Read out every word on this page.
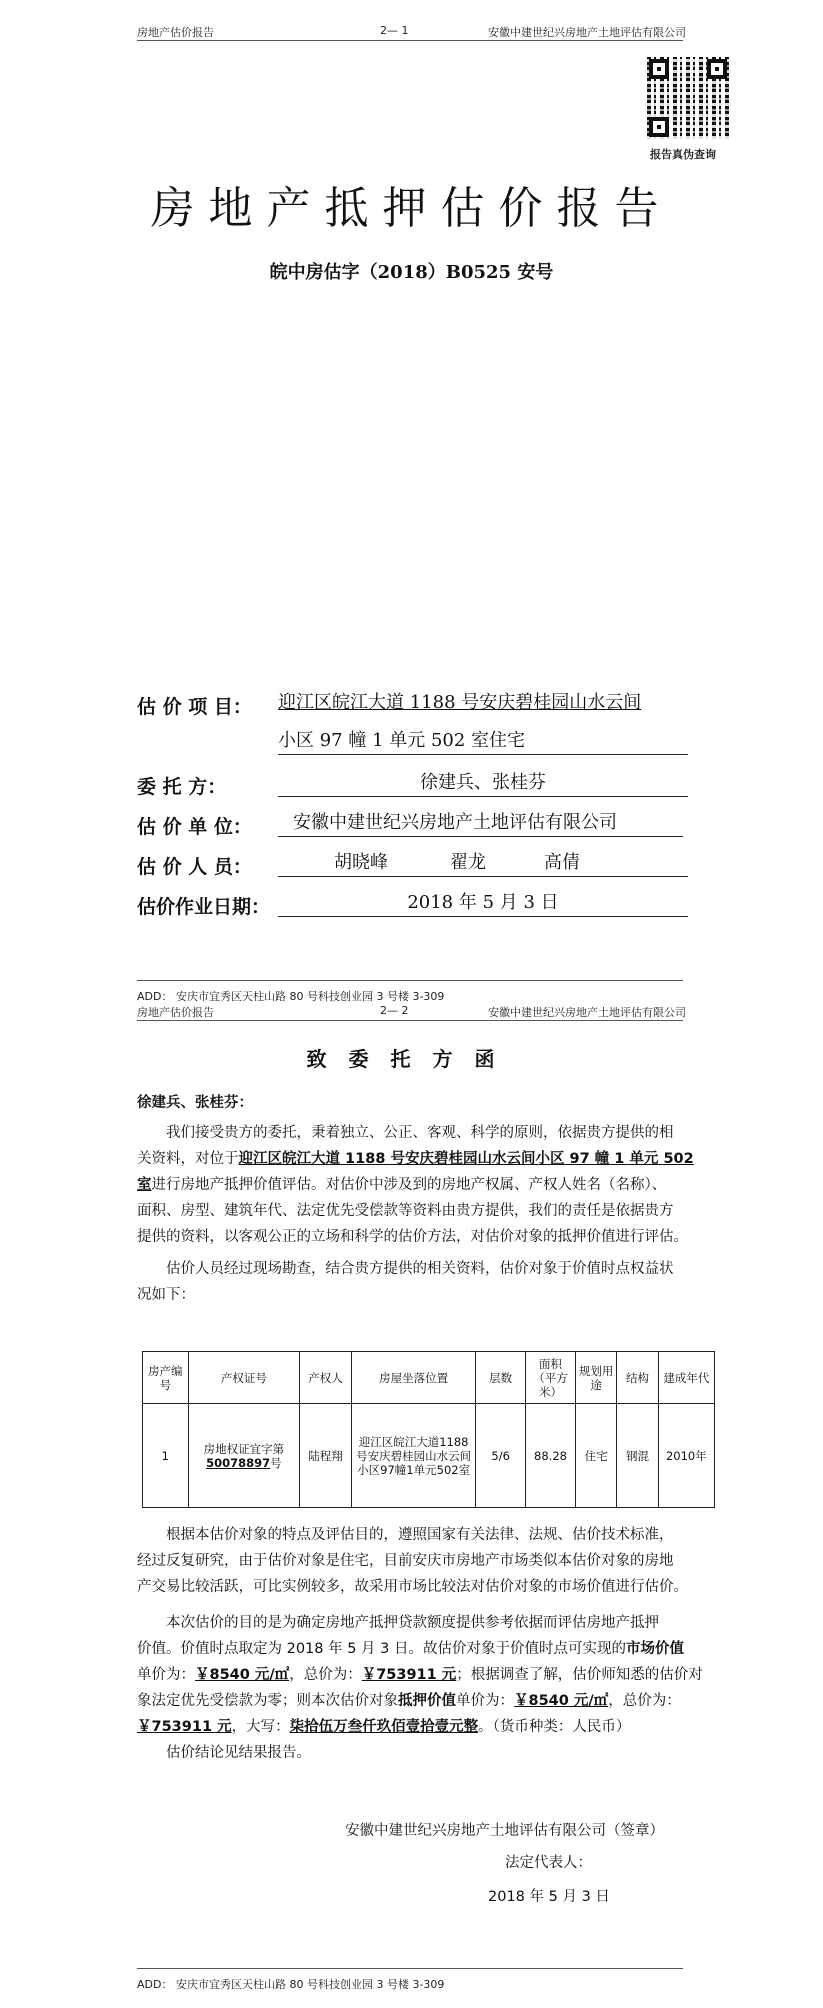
房地产估价报告	2— 1	安徽中建世纪兴房地产土地评估有限公司
报告真伪查询
房地产抵押估价报告
皖中房估字（2018）B0525 安号
估 价 项 目： 迎江区皖江大道 1188 号安庆碧桂园山水云间
小区 97 幢 1 单元 502 室住宅
委 托 方：	徐建兵、张桂芬
估 价 单 位：	安徽中建世纪兴房地产土地评估有限公司
估 价 人 员：	胡晓峰	翟龙	高倩

估价作业日期：	2018 年 5 月 3 日
ADD： 安庆市宜秀区天柱山路 80 号科技创业园 3 号楼 3-309
房地产估价报告	2— 2	安徽中建世纪兴房地产土地评估有限公司
致委托方函
徐建兵、张桂芬：
我们接受贵方的委托，秉着独立、公正、客观、科学的原则，依据贵方提供的相
关资料，对位于迎江区皖江大道 1188 号安庆碧桂园山水云间小区 97 幢 1 单元 502
室进行房地产抵押价值评估。对估价中涉及到的房地产权属、产权人姓名（名称）、
面积、房型、建筑年代、法定优先受偿款等资料由贵方提供，我们的责任是依据贵方
提供的资料，以客观公正的立场和科学的估价方法，对估价对象的抵押价值进行评估。
估价人员经过现场勘查，结合贵方提供的相关资料，估价对象于价值时点权益状
况如下：
房产编号	产权证号	产权人	房屋坐落位置	层数	面积（平方米）	规划用途	结构	建成年代
1	房地权证宜字第50078897号	陆程翔	迎江区皖江大道1188号安庆碧桂园山水云间小区97幢1单元502室	5/6	88.28	住宅	钢混	2010年
根据本估价对象的特点及评估目的，遵照国家有关法律、法规、估价技术标准，
经过反复研究，由于估价对象是住宅，目前安庆市房地产市场类似本估价对象的房地
产交易比较活跃，可比实例较多，故采用市场比较法对估价对象的市场价值进行估价。
本次估价的目的是为确定房地产抵押贷款额度提供参考依据而评估房地产抵押
价值。价值时点取定为 2018 年 5 月 3 日。故估价对象于价值时点可实现的市场价值
单价为：￥8540 元/㎡，总价为：￥753911 元；根据调查了解，估价师知悉的估价对
象法定优先受偿款为零；则本次估价对象抵押价值单价为：￥8540 元/㎡，总价为：
￥753911 元，大写：柒拾伍万叁仟玖佰壹拾壹元整。（货币种类：人民币）
估价结论见结果报告。
安徽中建世纪兴房地产土地评估有限公司（签章）
法定代表人：
2018 年 5 月 3 日
ADD： 安庆市宜秀区天柱山路 80 号科技创业园 3 号楼 3-309
